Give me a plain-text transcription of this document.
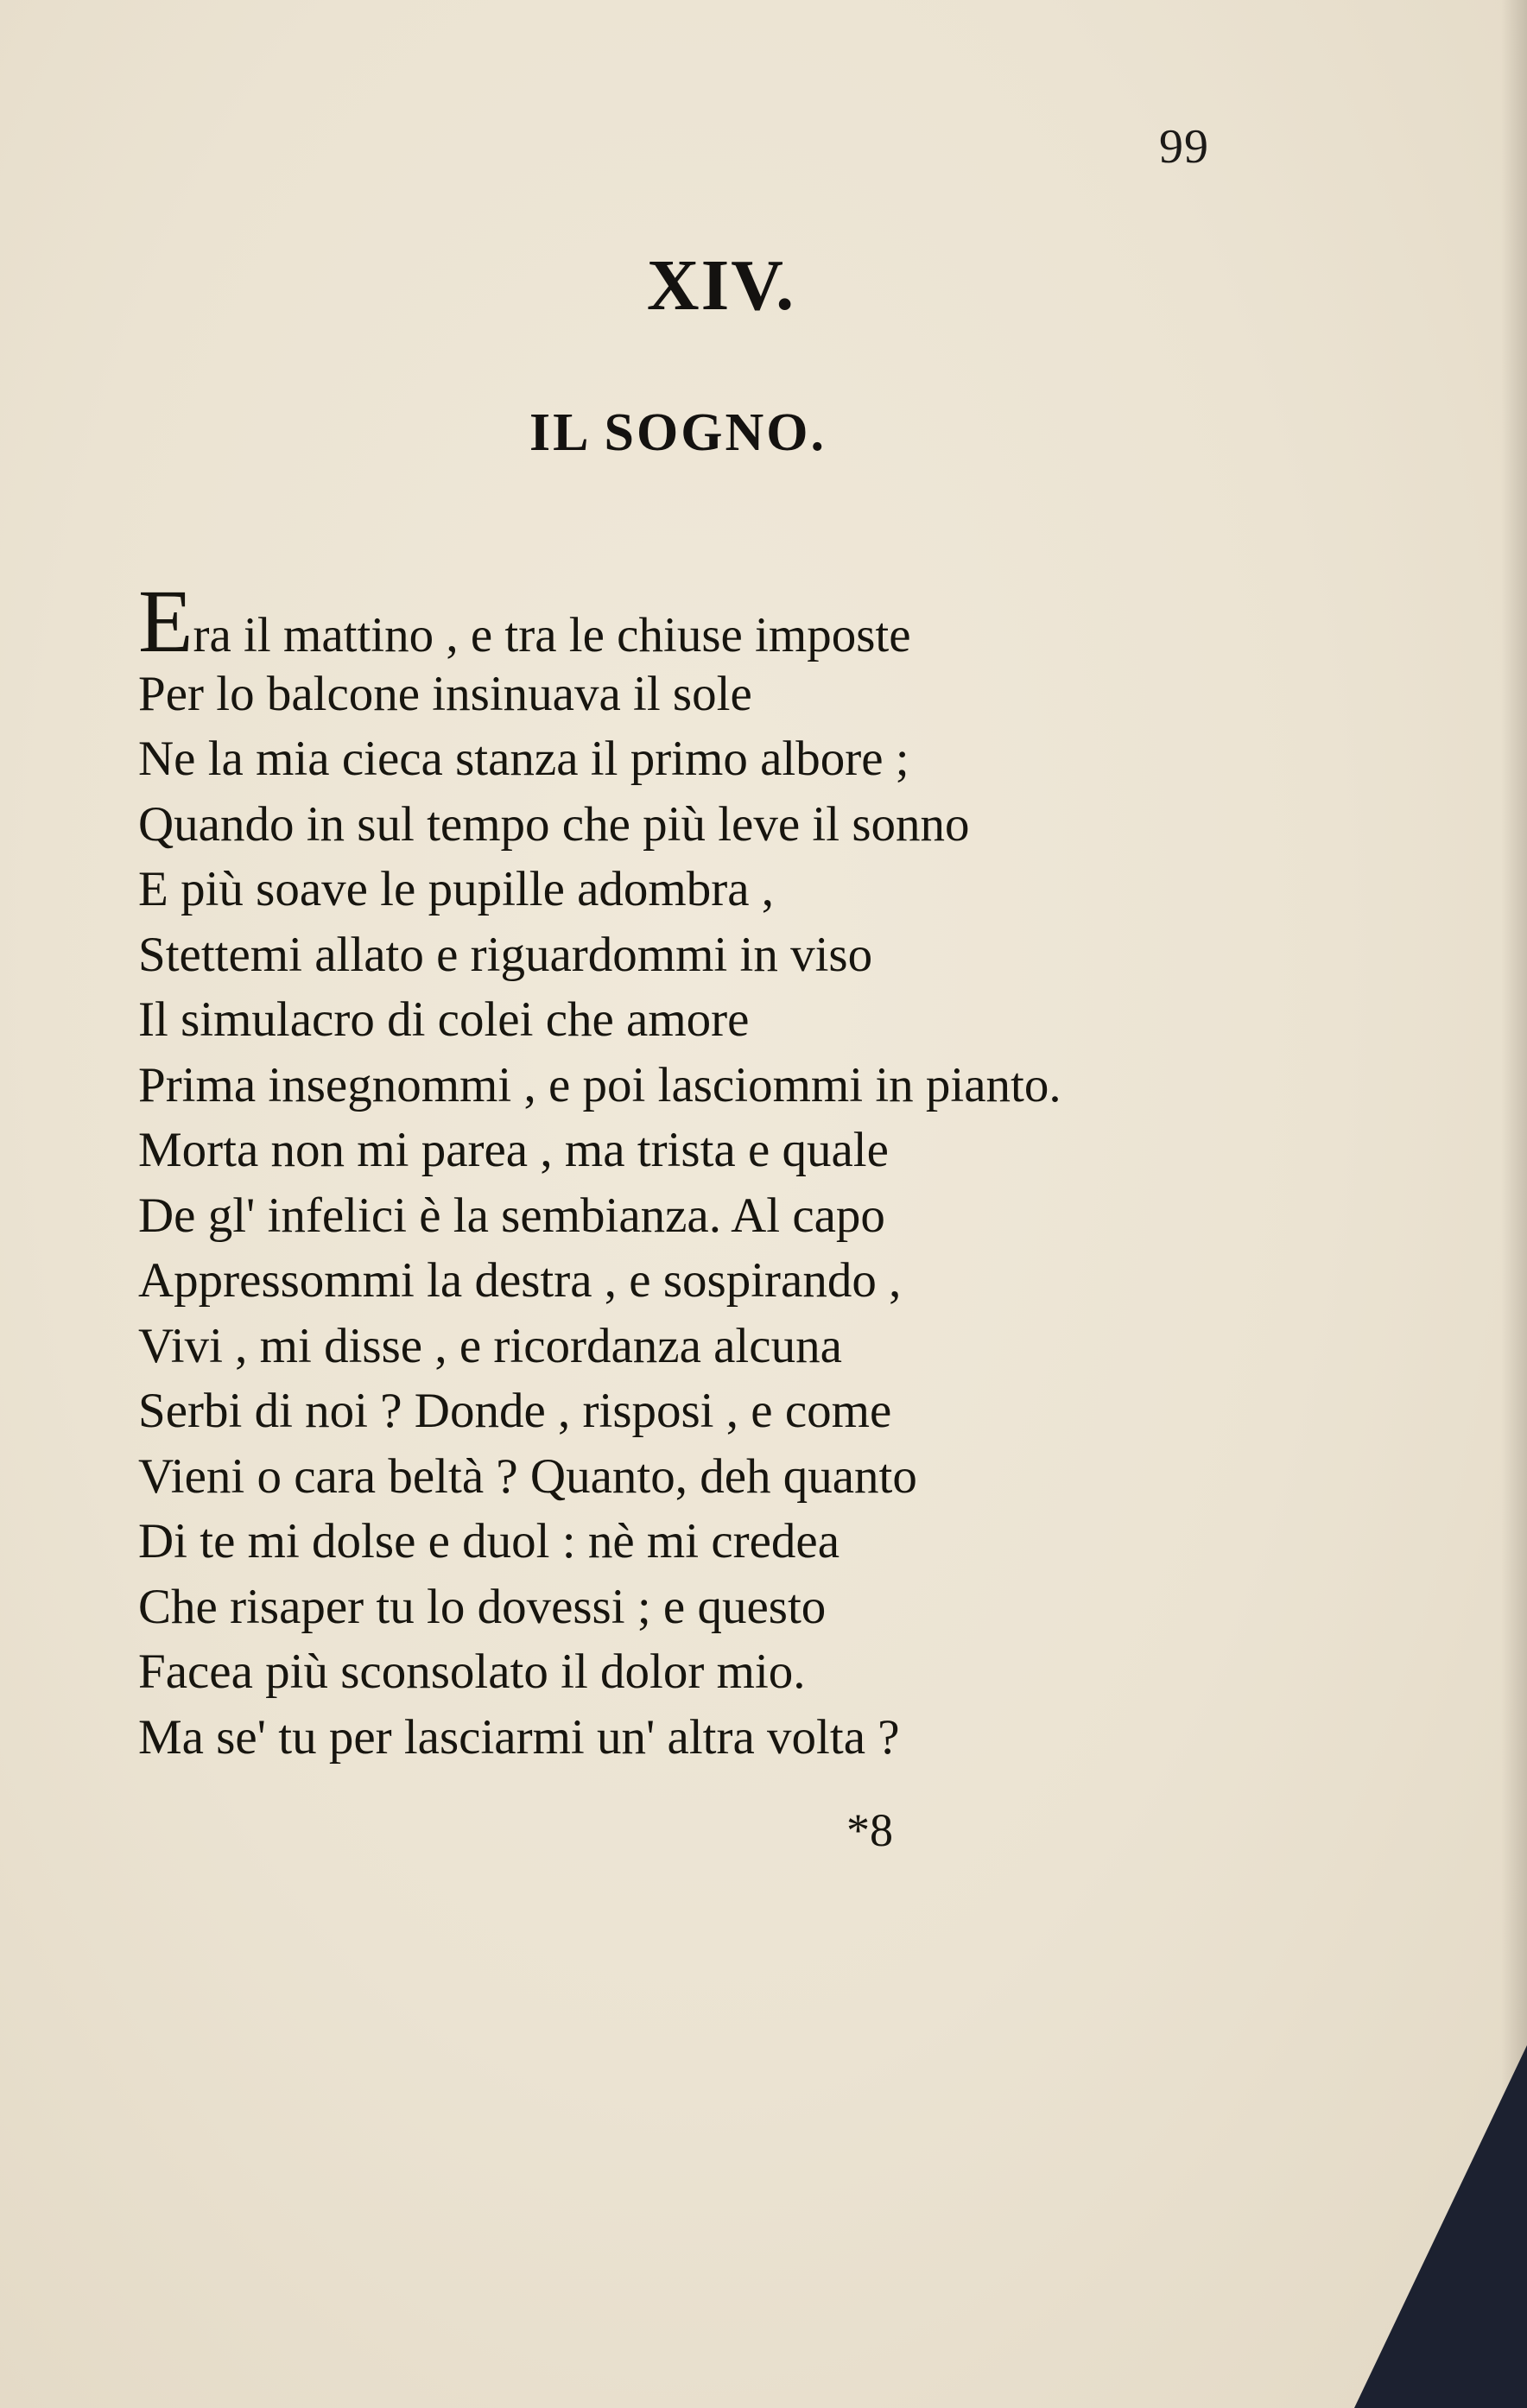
99
XIV.
IL SOGNO.
Era il mattino , e tra le chiuse imposte
Per lo balcone insinuava il sole
Ne la mia cieca stanza il primo albore ;
Quando in sul tempo che più leve il sonno
E più soave le pupille adombra ,
Stettemi allato e riguardommi in viso
Il simulacro di colei che amore
Prima insegnommi , e poi lasciommi in pianto.
Morta non mi parea , ma trista e quale
De gl' infelici è la sembianza. Al capo
Appressommi la destra , e sospirando ,
Vivi , mi disse , e ricordanza alcuna
Serbi di noi ? Donde , risposi , e come
Vieni o cara beltà ? Quanto, deh quanto
Di te mi dolse e duol : nè mi credea
Che risaper tu lo dovessi ; e questo
Facea più sconsolato il dolor mio.
Ma se' tu per lasciarmi un' altra volta ?
*8
